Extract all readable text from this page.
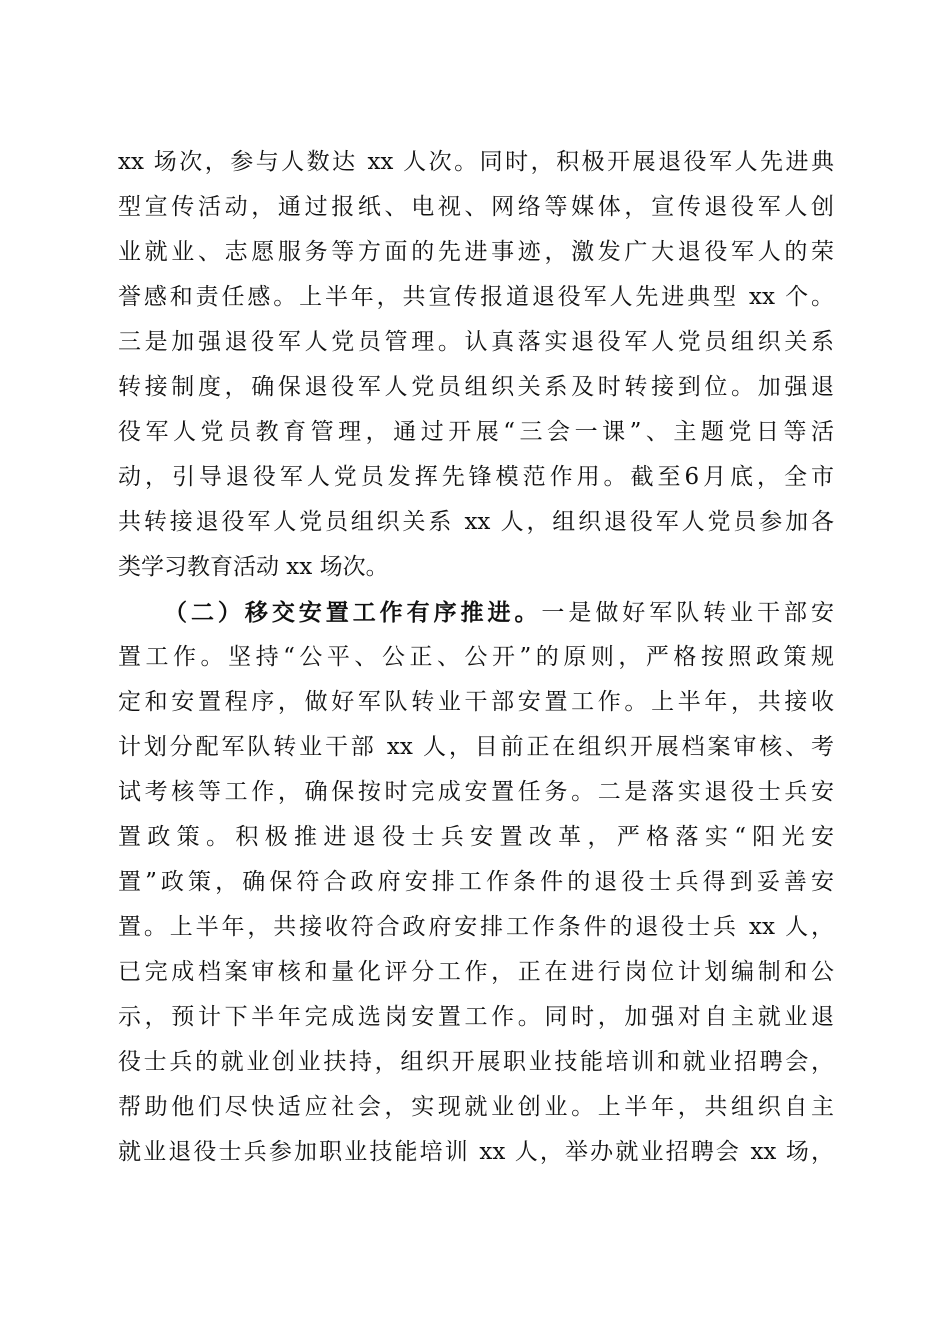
xx 场次，参与人数达 xx 人次。同时，积极开展退役军人先进典
型宣传活动，通过报纸、电视、网络等媒体，宣传退役军人创
业就业、志愿服务等方面的先进事迹，激发广大退役军人的荣
誉感和责任感。上半年，共宣传报道退役军人先进典型 xx 个。
三是加强退役军人党员管理。认真落实退役军人党员组织关系
转接制度，确保退役军人党员组织关系及时转接到位。加强退
役军人党员教育管理，通过开展“三会一课”、主题党日等活
动，引导退役军人党员发挥先锋模范作用。截至6月底，全市
共转接退役军人党员组织关系 xx 人，组织退役军人党员参加各
类学习教育活动 xx 场次。
（二）移交安置工作有序推进。一是做好军队转业干部安
置工作。坚持“公平、公正、公开”的原则，严格按照政策规
定和安置程序，做好军队转业干部安置工作。上半年，共接收
计划分配军队转业干部 xx 人，目前正在组织开展档案审核、考
试考核等工作，确保按时完成安置任务。二是落实退役士兵安
置政策。积极推进退役士兵安置改革，严格落实“阳光安
置”政策，确保符合政府安排工作条件的退役士兵得到妥善安
置。上半年，共接收符合政府安排工作条件的退役士兵 xx 人，
已完成档案审核和量化评分工作，正在进行岗位计划编制和公
示，预计下半年完成选岗安置工作。同时，加强对自主就业退
役士兵的就业创业扶持，组织开展职业技能培训和就业招聘会，
帮助他们尽快适应社会，实现就业创业。上半年，共组织自主
就业退役士兵参加职业技能培训 xx 人，举办就业招聘会 xx 场，
